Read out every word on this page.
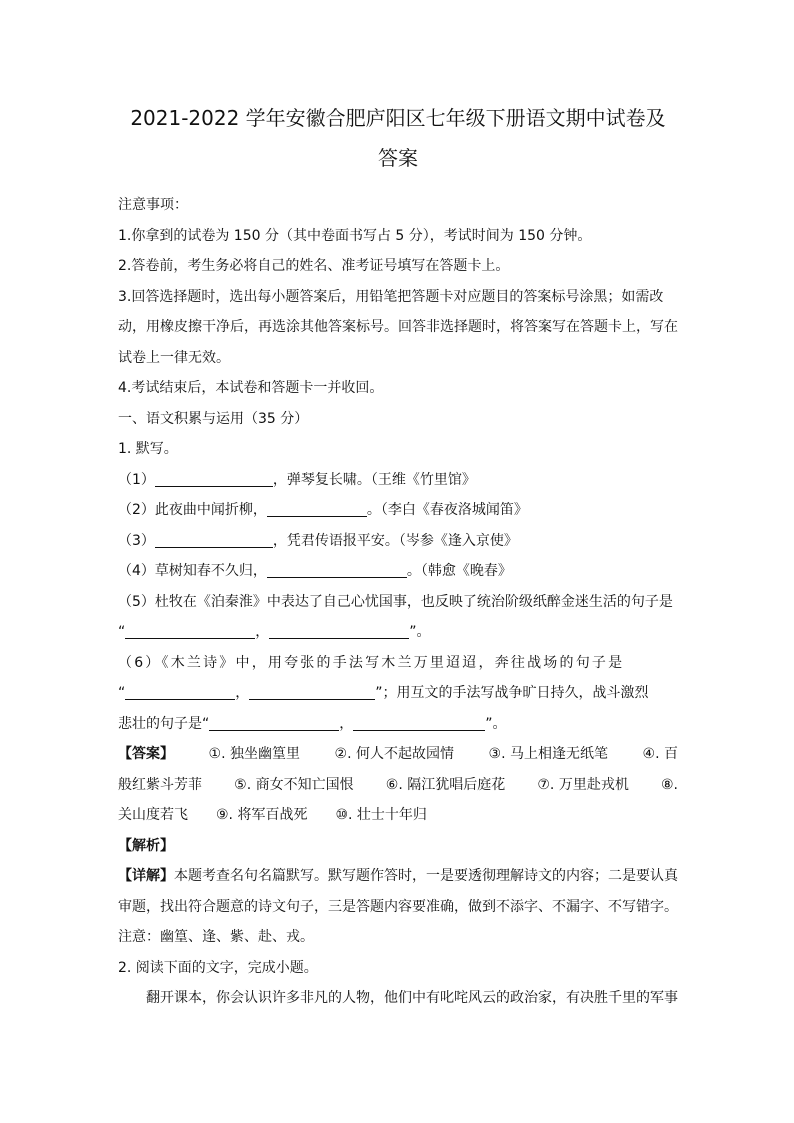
2021-2022 学年安徽合肥庐阳区七年级下册语文期中试卷及
答案
注意事项：
1.你拿到的试卷为 150 分（其中卷面书写占 5 分），考试时间为 150 分钟。
2.答卷前，考生务必将自己的姓名、准考证号填写在答题卡上。
3.回答选择题时，选出每小题答案后，用铅笔把答题卡对应题目的答案标号涂黑；如需改动，用橡皮擦干净后，再选涂其他答案标号。回答非选择题时，将答案写在答题卡上，写在试卷上一律无效。
4.考试结束后，本试卷和答题卡一并收回。
一、语文积累与运用（35 分）
1. 默写。
（1）	，弹琴复长啸。（王维《竹里馆》
（2）此夜曲中闻折柳，	。（李白《春夜洛城闻笛》
（3）	，凭君传语报平安。（岑参《逢入京使》
（4）草树知春不久归，	。（韩愈《晚春》
（5）杜牧在《泊秦淮》中表达了自己心忧国事，也反映了统治阶级纸醉金迷生活的句子是
“	，	”。
（6）《木兰诗》中，用夸张的手法写木兰万里迢迢，奔往战场的句子是
“	，	”；用互文的手法写战争旷日持久，战斗激烈
悲壮的句子是“	，	”。
【答案】 ①. 独坐幽篁里 ②. 何人不起故园情 ③. 马上相逢无纸笔 ④. 百
般红紫斗芳菲 ⑤. 商女不知亡国恨 ⑥. 隔江犹唱后庭花 ⑦. 万里赴戎机 ⑧.
关山度若飞 ⑨. 将军百战死 ⑩. 壮士十年归
【解析】
【详解】本题考查名句名篇默写。默写题作答时，一是要透彻理解诗文的内容；二是要认真审题，找出符合题意的诗文句子，三是答题内容要准确，做到不添字、不漏字、不写错字。注意：幽篁、逢、紫、赴、戎。
2. 阅读下面的文字，完成小题。
翻开课本，你会认识许多非凡的人物，他们中有叱咤风云的政治家，有决胜千里的军事
